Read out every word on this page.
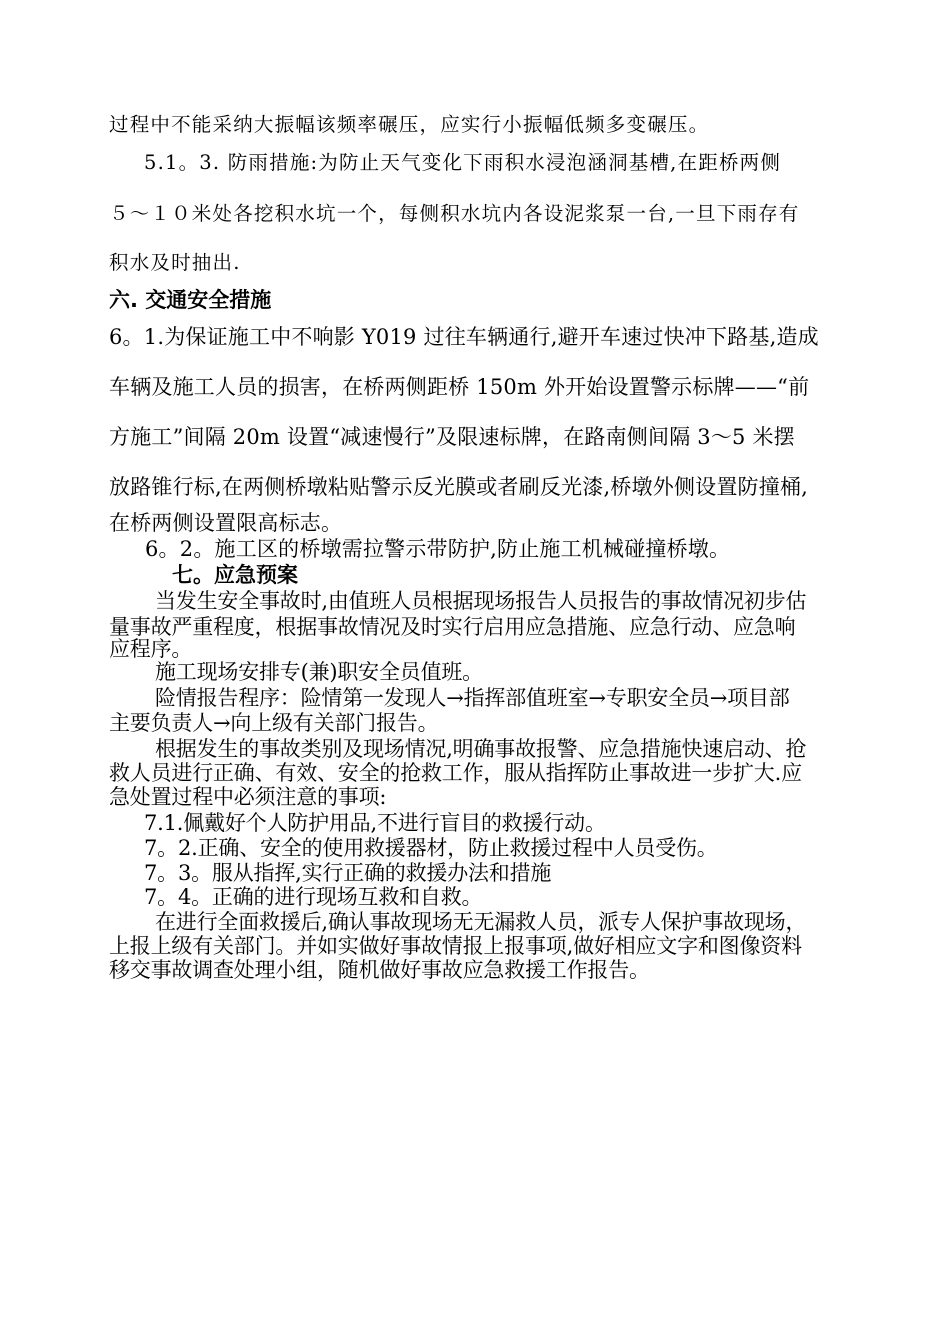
过程中不能采纳大振幅该频率碾压，应实行小振幅低频多变碾压。

5.1。3. 防雨措施:为防止天气变化下雨积水浸泡涵洞基槽,在距桥两侧

５～１０米处各挖积水坑一个，每侧积水坑内各设泥浆泵一台,一旦下雨存有

积水及时抽出.

六. 交通安全措施

6。1.为保证施工中不响影 Y019 过往车辆通行,避开车速过快冲下路基,造成

车辆及施工人员的损害，在桥两侧距桥 150m 外开始设置警示标牌——“前

方施工”间隔 20m 设置“减速慢行”及限速标牌，在路南侧间隔 3～5 米摆

放路锥行标,在两侧桥墩粘贴警示反光膜或者刷反光漆,桥墩外侧设置防撞桶,

在桥两侧设置限高标志。

6。2。施工区的桥墩需拉警示带防护,防止施工机械碰撞桥墩。

七。应急预案

当发生安全事故时,由值班人员根据现场报告人员报告的事故情况初步估

量事故严重程度，根据事故情况及时实行启用应急措施、应急行动、应急响

应程序。

施工现场安排专(兼)职安全员值班。

险情报告程序：险情第一发现人→指挥部值班室→专职安全员→项目部

主要负责人→向上级有关部门报告。

根据发生的事故类别及现场情况,明确事故报警、应急措施快速启动、抢

救人员进行正确、有效、安全的抢救工作，服从指挥防止事故进一步扩大.应

急处置过程中必须注意的事项:

7.1.佩戴好个人防护用品,不进行盲目的救援行动。

7。2.正确、安全的使用救援器材，防止救援过程中人员受伤。

7。3。服从指挥,实行正确的救援办法和措施

7。4。正确的进行现场互救和自救。

在进行全面救援后,确认事故现场无无漏救人员，派专人保护事故现场，

上报上级有关部门。并如实做好事故情报上报事项,做好相应文字和图像资料

移交事故调查处理小组，随机做好事故应急救援工作报告。
